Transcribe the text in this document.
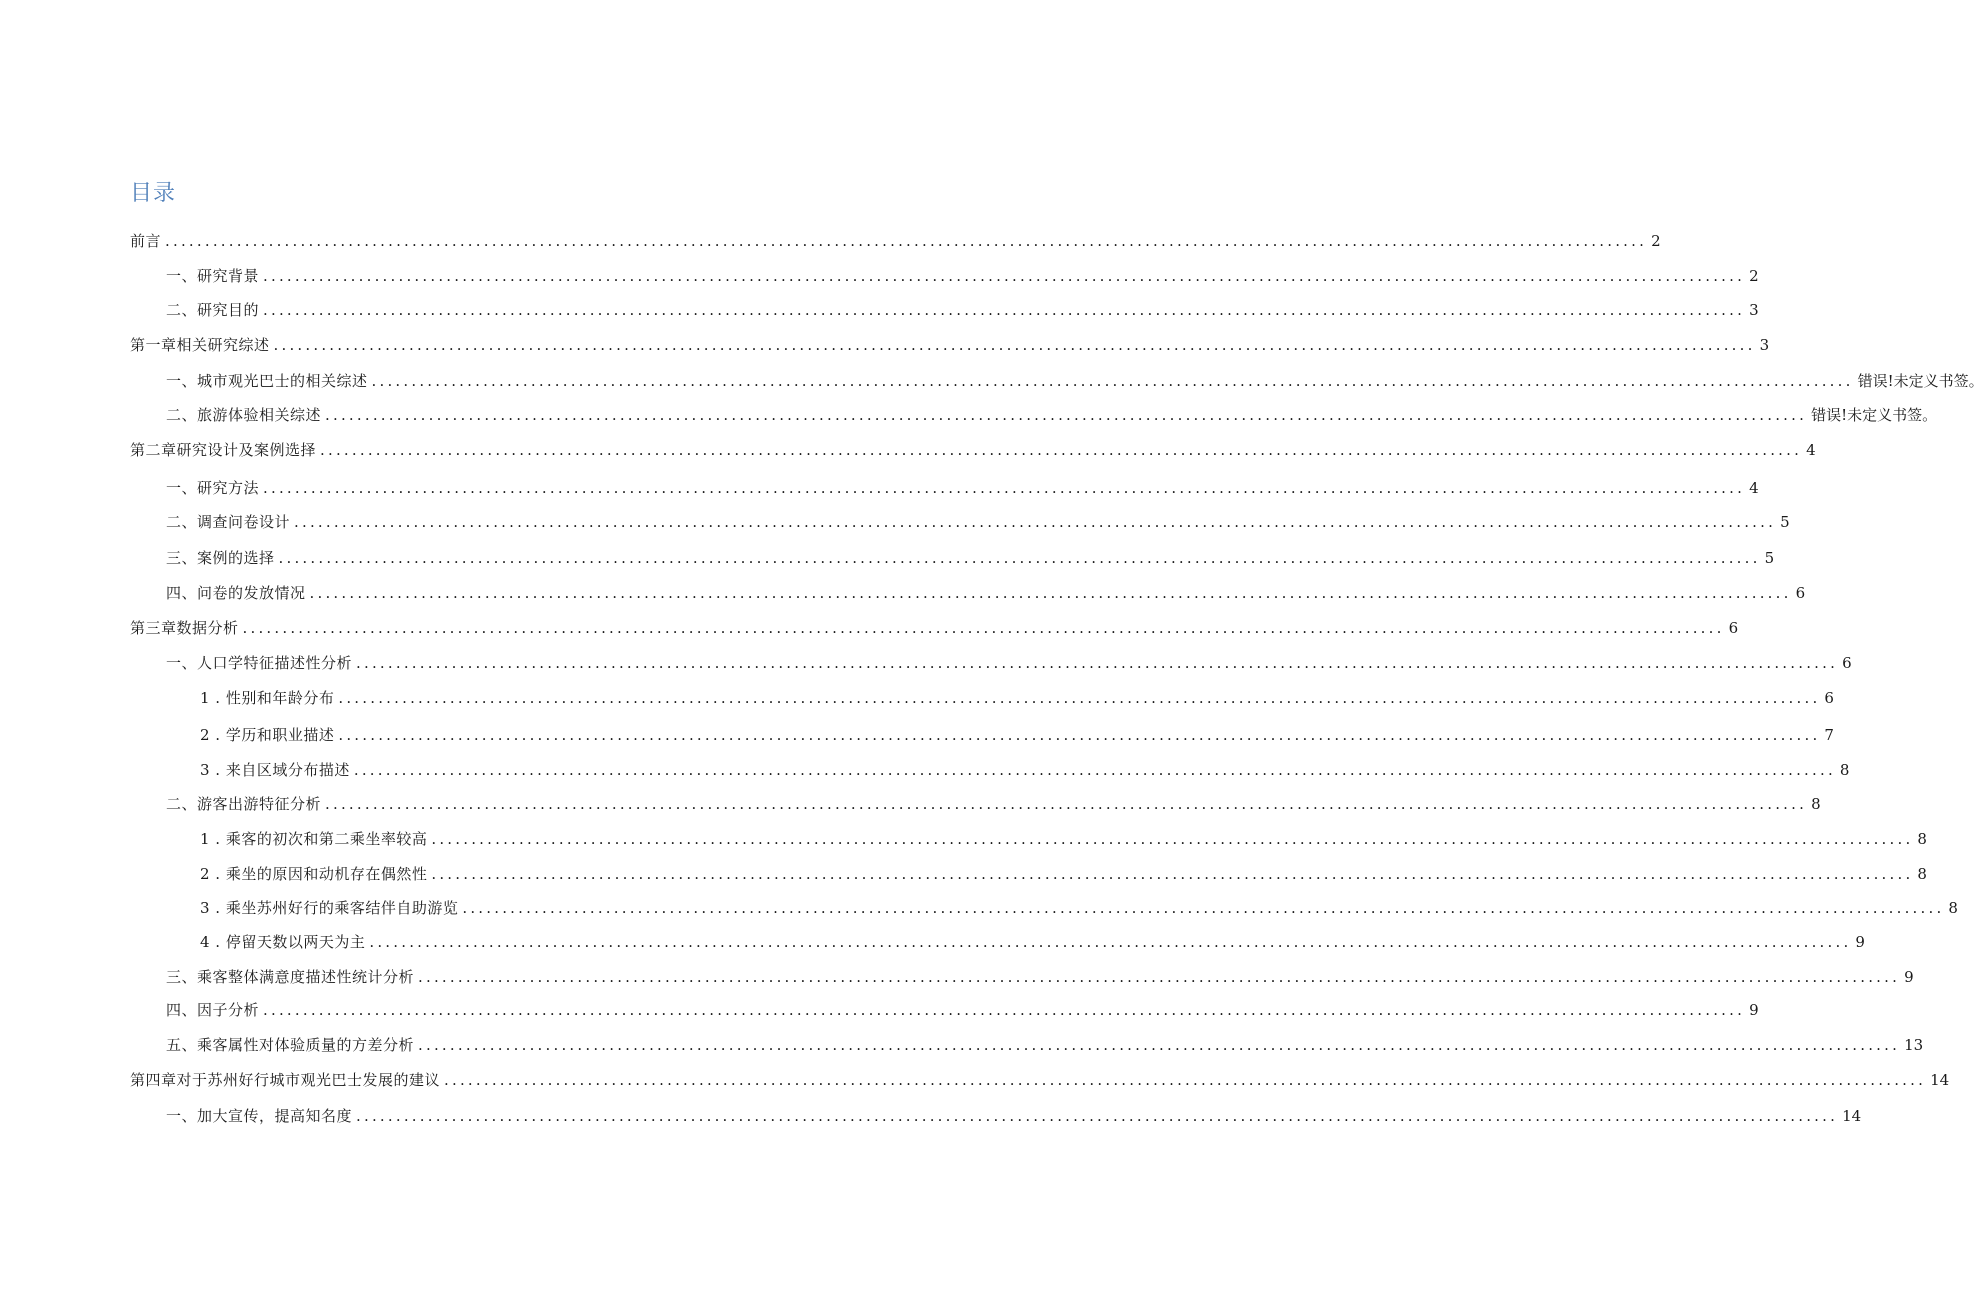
目录
前言 .......................................................................................................................................................................................... 2
一、研究背景 .......................................................................................................................................................................................... 2
二、研究目的 .......................................................................................................................................................................................... 3
第一章相关研究综述 .......................................................................................................................................................................................... 3
一、城市观光巴士的相关综述 .......................................................................................................................................................................................... 错误!未定义书签。
二、旅游体验相关综述 .......................................................................................................................................................................................... 错误!未定义书签。
第二章研究设计及案例选择 .......................................................................................................................................................................................... 4
一、研究方法 .......................................................................................................................................................................................... 4
二、调查问卷设计 .......................................................................................................................................................................................... 5
三、案例的选择 .......................................................................................................................................................................................... 5
四、问卷的发放情况 .......................................................................................................................................................................................... 6
第三章数据分析 .......................................................................................................................................................................................... 6
一、人口学特征描述性分析 .......................................................................................................................................................................................... 6
1 . 性别和年龄分布 .......................................................................................................................................................................................... 6
2 . 学历和职业描述 .......................................................................................................................................................................................... 7
3 . 来自区域分布描述 .......................................................................................................................................................................................... 8
二、游客出游特征分析 .......................................................................................................................................................................................... 8
1 . 乘客的初次和第二乘坐率较高 .......................................................................................................................................................................................... 8
2 . 乘坐的原因和动机存在偶然性 .......................................................................................................................................................................................... 8
3 . 乘坐苏州好行的乘客结伴自助游览 .......................................................................................................................................................................................... 8
4 . 停留天数以两天为主 .......................................................................................................................................................................................... 9
三、乘客整体满意度描述性统计分析 .......................................................................................................................................................................................... 9
四、因子分析 .......................................................................................................................................................................................... 9
五、乘客属性对体验质量的方差分析 .......................................................................................................................................................................................... 13
第四章对于苏州好行城市观光巴士发展的建议 .......................................................................................................................................................................................... 14
一、加大宣传，提高知名度 .......................................................................................................................................................................................... 14
